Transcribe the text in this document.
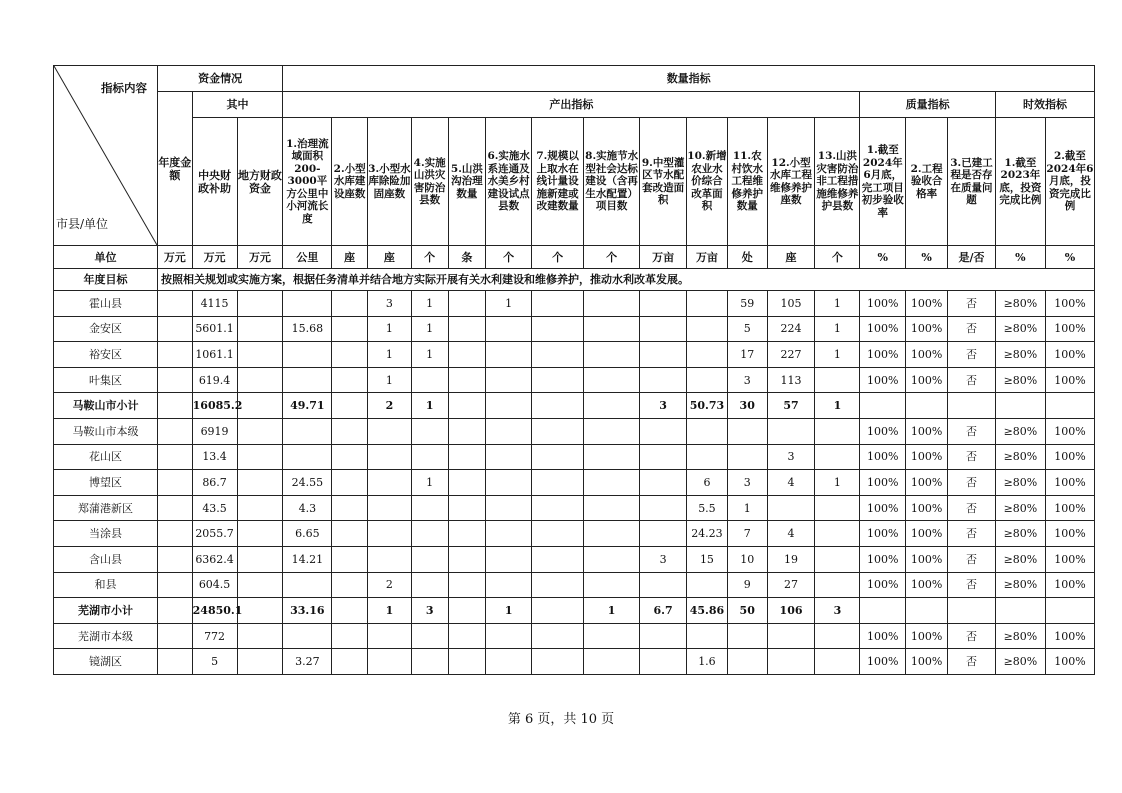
指标内容
市县/单位	资金情况			数量指标																	
	年度金额	其中		产出指标													质量指标			时效指标	
		中央财政补助	地方财政资金	1.治理流域面积200-3000平方公里中小河流长度	2.小型水库建设座数	3.小型水库除险加固座数	4.实施山洪灾害防治县数	5.山洪沟治理数量	6.实施水系连通及水美乡村建设试点县数	7.规模以上取水在线计量设施新建或改建数量	8.实施节水型社会达标建设（含再生水配置）项目数	9.中型灌区节水配套改造面积	10.新增农业水价综合改革面积	11.农村饮水工程维修养护数量	12.小型水库工程维修养护座数	13.山洪灾害防治非工程措施维修养护县数	1.截至2024年6月底，完工项目初步验收率	2.工程验收合格率	3.已建工程是否存在质量问题	1.截至2023年底，投资完成比例	2.截至2024年6月底，投资完成比例

单位	万元	万元	万元	公里	座	座	个	条	个	个	个	万亩	万亩	处	座	个	%	%	是/否	%	%
年度目标	按照相关规划或实施方案，根据任务清单并结合地方实际开展有关水利建设和维修养护，推动水利改革发展。																				
霍山县		4115				3	1		1					59	105	1	100%	100%	否	≥80%	100%
金安区		5601.1		15.68		1	1							5	224	1	100%	100%	否	≥80%	100%
裕安区		1061.1				1	1							17	227	1	100%	100%	否	≥80%	100%
叶集区		619.4				1								3	113		100%	100%	否	≥80%	100%
马鞍山市小计		16085.2		49.71		2	1					3	50.73	30	57	1					
马鞍山市本级		6919															100%	100%	否	≥80%	100%
花山区		13.4													3		100%	100%	否	≥80%	100%
博望区		86.7		24.55			1						6	3	4	1	100%	100%	否	≥80%	100%
郑蒲港新区		43.5		4.3									5.5	1			100%	100%	否	≥80%	100%
当涂县		2055.7		6.65									24.23	7	4		100%	100%	否	≥80%	100%
含山县		6362.4		14.21								3	15	10	19		100%	100%	否	≥80%	100%
和县		604.5				2								9	27		100%	100%	否	≥80%	100%
芜湖市小计		24850.1		33.16		1	3		1		1	6.7	45.86	50	106	3					
芜湖市本级		772															100%	100%	否	≥80%	100%
镜湖区		5		3.27									1.6				100%	100%	否	≥80%	100%
第 6 页，共 10 页
